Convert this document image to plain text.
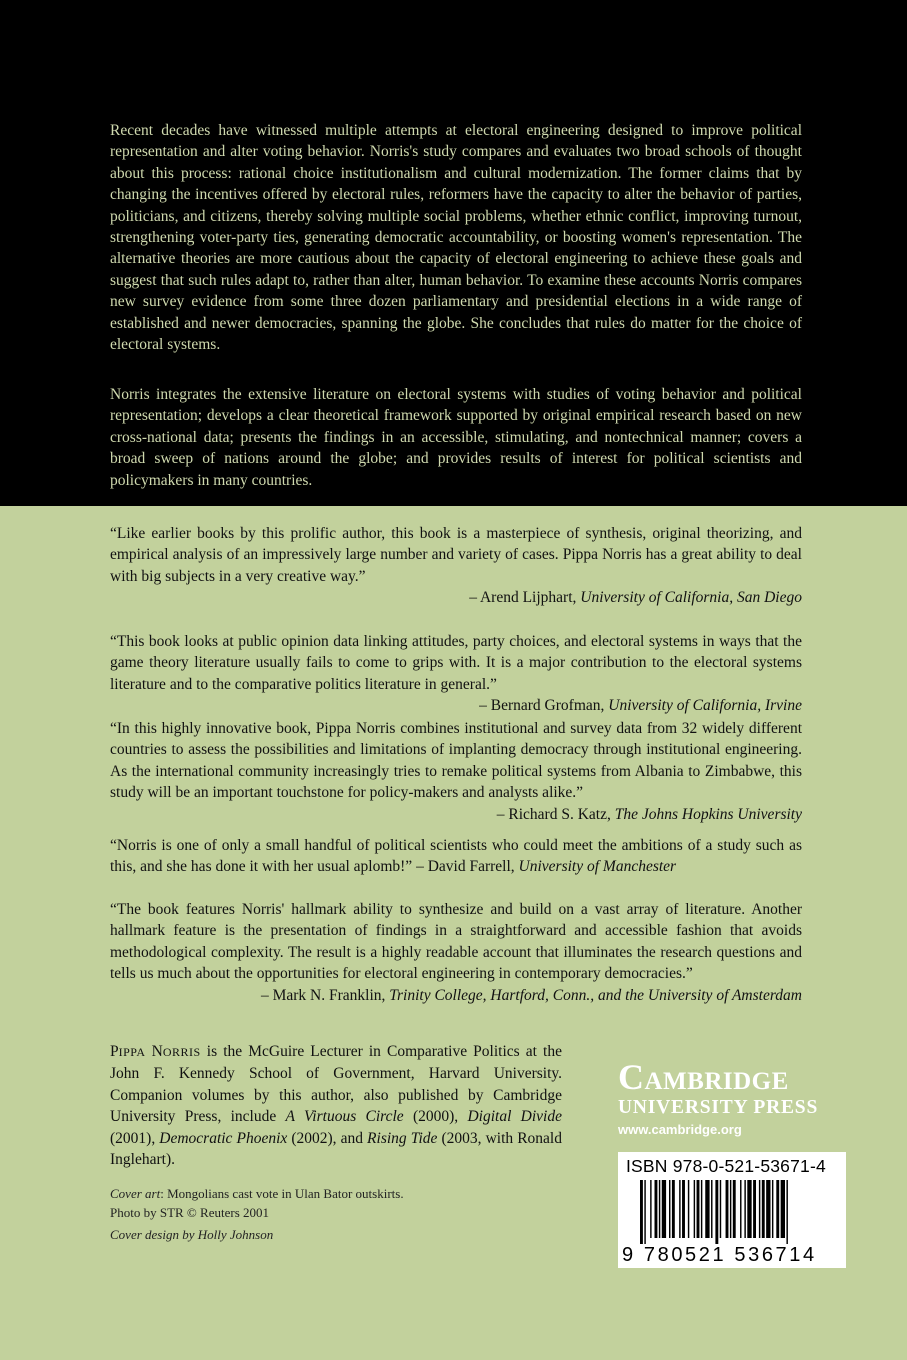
Recent decades have witnessed multiple attempts at electoral engineering designed to improve political representation and alter voting behavior. Norris's study compares and evaluates two broad schools of thought about this process: rational choice institutionalism and cultural modernization. The former claims that by changing the incentives offered by electoral rules, reformers have the capacity to alter the behavior of parties, politicians, and citizens, thereby solving multiple social problems, whether ethnic conflict, improving turnout, strengthening voter-party ties, generating democratic accountability, or boosting women's representation. The alternative theories are more cautious about the capacity of electoral engineering to achieve these goals and suggest that such rules adapt to, rather than alter, human behavior. To examine these accounts Norris compares new survey evidence from some three dozen parliamentary and presidential elections in a wide range of established and newer democracies, spanning the globe. She concludes that rules do matter for the choice of electoral systems.

Norris integrates the extensive literature on electoral systems with studies of voting behavior and political representation; develops a clear theoretical framework supported by original empirical research based on new cross-national data; presents the findings in an accessible, stimulating, and nontechnical manner; covers a broad sweep of nations around the globe; and provides results of interest for political scientists and policymakers in many countries.

“Like earlier books by this prolific author, this book is a masterpiece of synthesis, original theorizing, and empirical analysis of an impressively large number and variety of cases. Pippa Norris has a great ability to deal with big subjects in a very creative way.”

– Arend Lijphart, University of California, San Diego

“This book looks at public opinion data linking attitudes, party choices, and electoral systems in ways that the game theory literature usually fails to come to grips with. It is a major contribution to the electoral systems literature and to the comparative politics literature in general.”

– Bernard Grofman, University of California, Irvine

“In this highly innovative book, Pippa Norris combines institutional and survey data from 32 widely different countries to assess the possibilities and limitations of implanting democracy through institutional engineering. As the international community increasingly tries to remake political systems from Albania to Zimbabwe, this study will be an important touchstone for policy-makers and analysts alike.”
– Richard S. Katz, The Johns Hopkins University

“Norris is one of only a small handful of political scientists who could meet the ambitions of a study such as this, and she has done it with her usual aplomb!” – David Farrell, University of Manchester

“The book features Norris' hallmark ability to synthesize and build on a vast array of literature. Another hallmark feature is the presentation of findings in a straightforward and accessible fashion that avoids methodological complexity. The result is a highly readable account that illuminates the research questions and tells us much about the opportunities for electoral engineering in contemporary democracies.”

– Mark N. Franklin, Trinity College, Hartford, Conn., and the University of Amsterdam

PIPPA NORRIS is the McGuire Lecturer in Comparative Politics at the John F. Kennedy School of Government, Harvard University. Companion volumes by this author, also published by Cambridge University Press, include A Virtuous Circle (2000), Digital Divide (2001), Democratic Phoenix (2002), and Rising Tide (2003, with Ronald Inglehart).

Cover art: Mongolians cast vote in Ulan Bator outskirts. Photo by STR © Reuters 2001

Cover design by Holly Johnson

Cambridge
UNIVERSITY PRESS
www.cambridge.org
ISBN 978-0-521-53671-4
9 780521 536714
